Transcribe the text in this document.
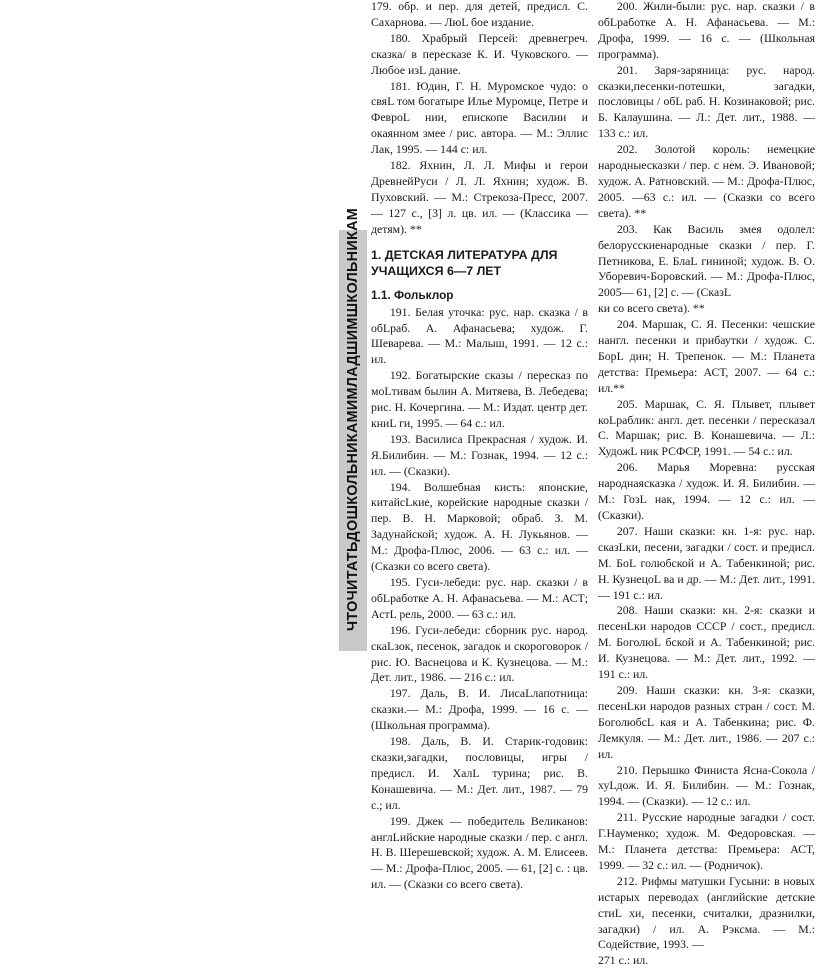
ЧТОЧИТАТЬДОШКОЛЬНИКАМИМЛАДШИМШКОЛЬНИКАМ

179. обр. и пер. для детей, предисл. С. Сахарнова. — ЛюL бое издание.

180. Храбрый Персей: древнегреч. сказка/ в пересказе К. И. Чуковского. — Любое изL дание.

181. Юдин, Г. Н. Муромское чудо: о свяL том богатыре Илье Муромце, Петре и ФеврoL нии, епископе Василии и окаянном змее / рис. автора. — М.: Эллис Лак, 1995. — 144 с: ил.

182. Яхнин, Л. Л. Мифы и герои ДревнейРуси / Л. Л. Яхнин; худож. В. Пуховский. — М.: Стрекоза-Пресс, 2007. — 127 с., [3] л. цв. ил. — (Классика — детям). **

1. ДЕТСКАЯ ЛИТЕРАТУРА ДЛЯ УЧАЩИХСЯ 6—7 ЛЕТ
1.1. Фольклор

191. Белая уточка: рус. нар. сказка / в обLраб. А. Афанасьева; худож. Г. Шеварева. — М.: Малыш, 1991. — 12 с.: ил.

192. Богатырские сказы / пересказ по моLтивам былин А. Митяева, В. Лебедева; рис. Н. Кочергина. — М.: Издат. центр дет. книL ги, 1995. — 64 с.: ил.

193. Василиса Прекрасная / худож. И. Я.Билибин. — М.: Гознак, 1994. — 12 с.: ил. — (Сказки).

194. Волшебная кисть: японские, китайсLкие, корейские народные сказки / пер. В. Н. Марковой; обраб. З. М. Задунайской; худож. А. Н. Лукьянов. — М.: Дрофа-Плюс, 2006. — 63 с.: ил. — (Сказки со всего света).

195. Гуси-лебеди: рус. нар. сказки / в обLработке А. Н. Афанасьева. — М.: АСТ; АстL рель, 2000. — 63 с.: ил.

196. Гуси-лебеди: сборник рус. народ. скаLзок, песенок, загадок и скороговорок / рис. Ю. Васнецова и К. Кузнецова. — М.: Дет. лит., 1986. — 216 с.: ил.

197. Даль, В. И. ЛисаLлапотница: сказки.— М.: Дрофа, 1999. — 16 с. — (Школьная программа).

198. Даль, В. И. Старик-годовик: сказки,загадки, пословицы, игры / предисл. И. ХалL турина; рис. В. Конашевича. — М.: Дет. лит., 1987. — 79 с.; ил.

199. Джек — победитель Великанов: англLийские народные сказки / пер. с англ. Н. В. Шерешевской; худож. А. М. Елисеев. — М.: Дрофа-Плюс, 2005. — 61, [2] с. : цв. ил. — (Сказки со всего света).

200. Жили-были: рус. нар. сказки / в обLработке А. Н. Афанасьева. — М.: Дрофа, 1999. — 16 с. — (Школьная программа).

201. Заря-заряница: рус. народ. сказки,песенки-потешки, загадки, пословицы / обL раб. Н. Козинаковой; рис. Б. Калаушина. — Л.: Дет. лит., 1988. — 133 с.: ил.

202. Золотой король: немецкие народныесказки / пер. с нем. Э. Ивановой; худож. А. Ратновский. — М.: Дрофа-Плюс, 2005. —63 с.: ил. — (Сказки со всего света). **

203. Как Василь змея одолел: белорусскиенародные сказки / пер. Г. Петникова, Е. БлаL гининой; худож. В. О. Уборевич-Боровский. — М.: Дрофа-Плюс, 2005— 61, [2] с. — (СказL
ки со всего света). **

204. Маршак, С. Я. Песенки: чешские нангл. песенки и прибаутки / худож. С. БорL дин; Н. Трепенок. — М.: Планета детства: Премьера: АСТ, 2007. — 64 с.: ил.**

205. Маршак, С. Я. Плывет, плывет коLраблик: англ. дет. песенки / пересказал С. Маршак; рис. В. Конашевича. — Л.: ХудожL ник РСФСР, 1991. — 54 с.: ил.

206. Марья Моревна: русская народнаясказка / худож. И. Я. Билибин. — М.: ГозL нак, 1994. — 12 с.: ил. — (Сказки).

207. Наши сказки: кн. 1-я: рус. нар. сказLки, песени, загадки / сост. и предисл. М. БоL голюбской и А. Табенкиной; рис. Н. КузнецоL ва и др. — М.: Дет. лит., 1991. — 191 с.: ил.

208. Наши сказки: кн. 2-я: сказки и песенLки народов СССР / сост., предисл. М. БоголюL бской и А. Табенкиной; рис. И. Кузнецова. — М.: Дет. лит., 1992. — 191 с.: ил.

209. Наши сказки: кн. 3-я: сказки, песенLки народов разных стран / сост. М. БоголюбсL кая и А. Табенкина; рис. Ф. Лемкуля. — М.: Дет. лит., 1986. — 207 с.: ил.

210. Перышко Финиста Ясна-Сокола / хуLдож. И. Я. Билибин. — М.: Гознак, 1994. — (Сказки). — 12 с.: ил.

211. Русские народные загадки / сост. Г.Науменко; худож. М. Федоровская. — М.: Планета детства: Премьера: АСТ, 1999. — 32 с.: ил. — (Родничок).

212. Рифмы матушки Гусыни: в новых истарых переводах (английские детские стиL хи, песенки, считалки, дразнилки, загадки) / ил. А. Рэксма. — М.: Содействие, 1993. —
271 с.: ил.
